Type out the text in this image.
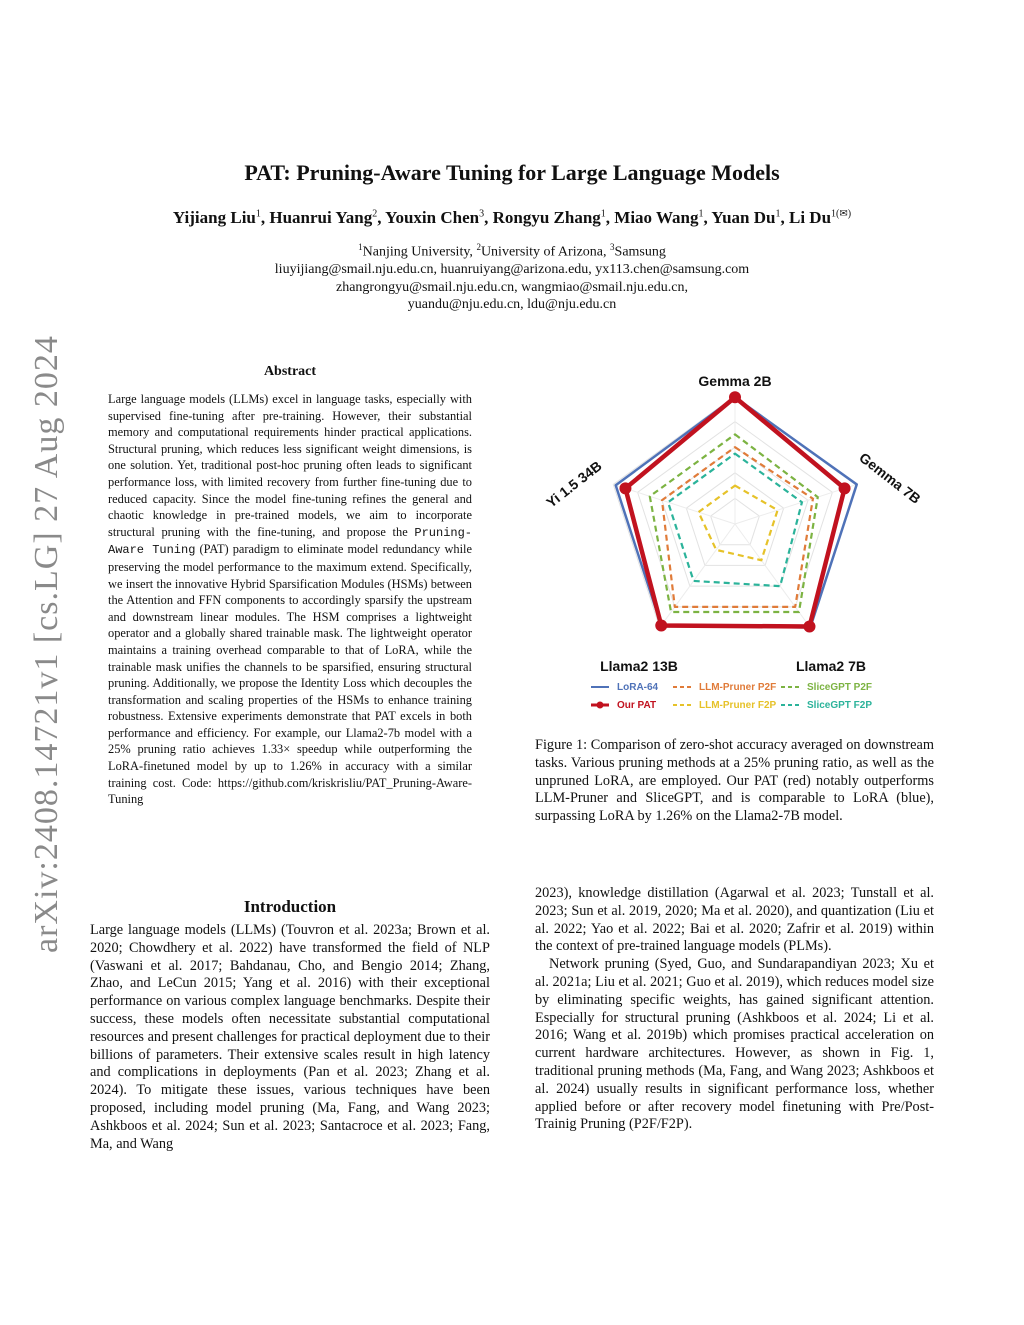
arXiv:2408.14721v1 [cs.LG] 27 Aug 2024
PAT: Pruning-Aware Tuning for Large Language Models
Yijiang Liu$^1$, Huanrui Yang$^2$, Youxin Chen$^3$, Rongyu Zhang$^1$, Miao Wang$^1$, Yuan Du$^1$, Li $Du^{1(✉)}$
$^1$Nanjing University, $^2$University of Arizona, $^3$Samsung
liuyijiang@smail.nju.edu.cn, huanruiyang@arizona.edu, yx113.chen@samsung.com
zhangrongyu@smail.nju.edu.cn, wangmiao@smail.nju.edu.cn,
yuandu@nju.edu.cn, ldu@nju.edu.cn
Abstract

Large language models (LLMs) excel in language tasks, especially with supervised fine-tuning after pre-training. However, their substantial memory and computational requirements hinder practical applications. Structural pruning, which reduces less significant weight dimensions, is one solution. Yet, traditional post-hoc pruning often leads to significant performance loss, with limited recovery from further fine-tuning due to reduced capacity. Since the model fine-tuning refines the general and chaotic knowledge in pre-trained models, we aim to incorporate structural pruning with the fine-tuning, and propose the Pruning-Aware Tuning (PAT) paradigm to eliminate model redundancy while preserving the model performance to the maximum extend. Specifically, we insert the innovative Hybrid Sparsification Modules (HSMs) between the Attention and FFN components to accordingly sparsify the upstream and downstream linear modules. The HSM comprises a lightweight operator and a globally shared trainable mask. The lightweight operator maintains a training overhead comparable to that of LoRA, while the trainable mask unifies the channels to be sparsified, ensuring structural pruning. Additionally, we propose the Identity Loss which decouples the transformation and scaling properties of the HSMs to enhance training robustness. Extensive experiments demonstrate that PAT excels in both performance and efficiency. For example, our Llama2-7b model with a 25% pruning ratio achieves 1.33× speedup while outperforming the LoRA-finetuned model by up to 1.26% in accuracy with a similar training cost. Code: https://github.com/kriskrisliu/PAT_Pruning-Aware-Tuning

Introduction

Large language models (LLMs) (Touvron et al. 2023a; Brown et al. 2020; Chowdhery et al. 2022) have transformed the field of NLP (Vaswani et al. 2017; Bahdanau, Cho, and Bengio 2014; Zhang, Zhao, and LeCun 2015; Yang et al. 2016) with their exceptional performance on various complex language benchmarks. Despite their success, these models often necessitate substantial computational resources and present challenges for practical deployment due to their billions of parameters. Their extensive scales result in high latency and complications in deployments (Pan et al. 2023; Zhang et al. 2024). To mitigate these issues, various techniques have been proposed, including model pruning (Ma, Fang, and Wang 2023; Ashkboos et al. 2024; Sun et al. 2023; Santacroce et al. 2023; Fang, Ma, and Wang

Gemma 2B
Gemma 7B
Llama2 7B
Llama2 13B
Yi 1.5 34B
LoRA-64	LLM-Pruner P2F	SliceGPT P2F
Our PAT	LLM-Pruner F2P	SliceGPT F2P

Figure 1: Comparison of zero-shot accuracy averaged on downstream tasks. Various pruning methods at a 25% pruning ratio, as well as the unpruned LoRA, are employed. Our PAT (red) notably outperforms LLM-Pruner and SliceGPT, and is comparable to LoRA (blue), surpassing LoRA by 1.26% on the Llama2-7B model.

2023), knowledge distillation (Agarwal et al. 2023; Tunstall et al. 2023; Sun et al. 2019, 2020; Ma et al. 2020), and quantization (Liu et al. 2022; Yao et al. 2022; Bai et al. 2020; Zafrir et al. 2019) within the context of pre-trained language models (PLMs).

Network pruning (Syed, Guo, and Sundarapandiyan 2023; Xu et al. 2021a; Liu et al. 2021; Guo et al. 2019), which reduces model size by eliminating specific weights, has gained significant attention. Especially for structural pruning (Ashkboos et al. 2024; Li et al. 2016; Wang et al. 2019b) which promises practical acceleration on current hardware architectures. However, as shown in Fig. 1, traditional pruning methods (Ma, Fang, and Wang 2023; Ashkboos et al. 2024) usually results in significant performance loss, whether applied before or after recovery model finetuning with Pre/Post-Trainig Pruning (P2F/F2P).
